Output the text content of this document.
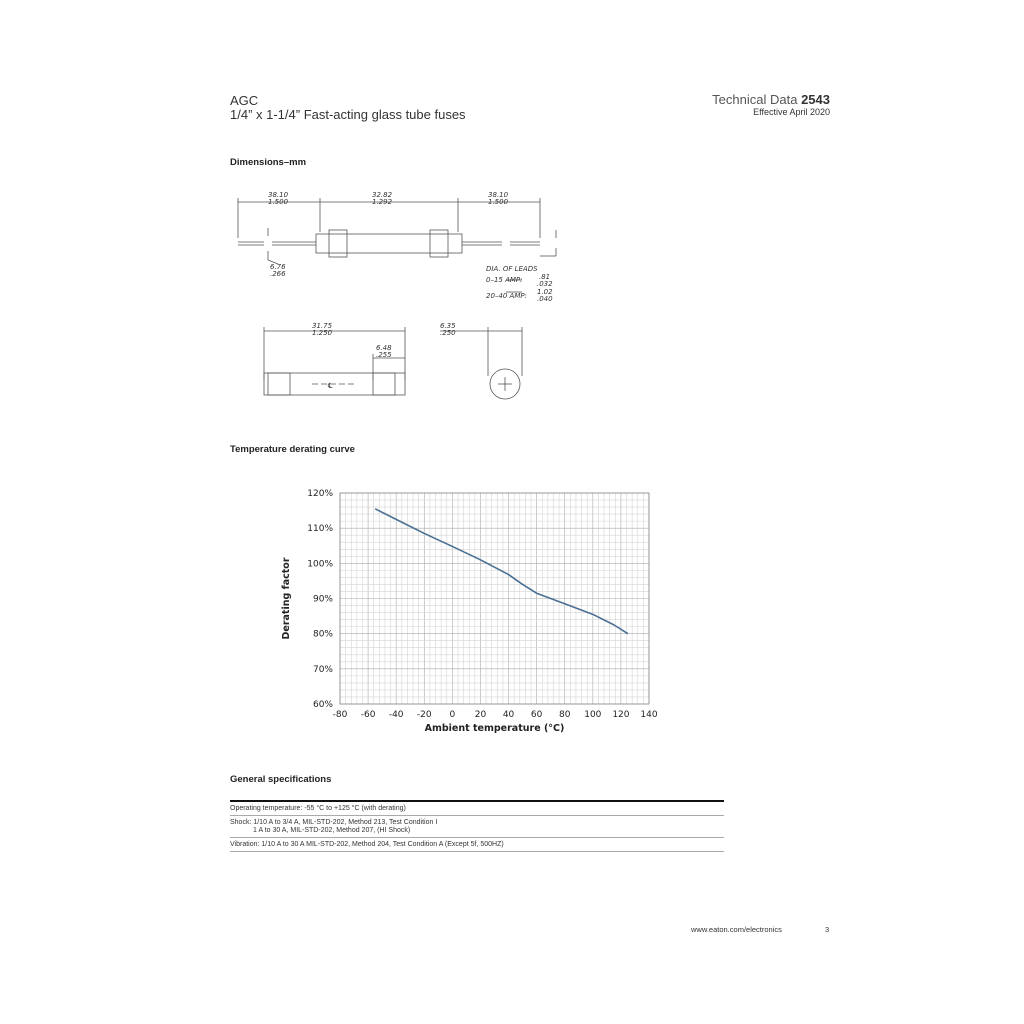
AGC
1/4” x 1-1/4” Fast-acting glass tube fuses
Technical Data 2543
Effective April 2020
Dimensions–mm
Temperature derating curve
General specifications
38.10
1.500
32.82
1.292
38.10
1.500
6.76
.266
DIA. OF LEADS
0–15 AMP: .81
.032
20–40 AMP: 1.02
.040
31.75
1.250
6.48
.255
6.35
.250
℄
-80 -60 -40 -20 0 20 40 60 80 100 120 140
60%
70%
80%
90%
100%
110%
120%
Ambient temperature (°C)
Derating factor
Operating temperature: -55 °C to +125 °C (with derating)
Shock: 1/10 A to 3/4 A, MIL-STD-202, Method 213, Test Condition I
1 A to 30 A, MIL-STD-202, Method 207, (HI Shock)
Vibration: 1/10 A to 30 A MIL-STD-202, Method 204, Test Condition A (Except 5f, 500HZ)
www.eaton.com/electronics	3
